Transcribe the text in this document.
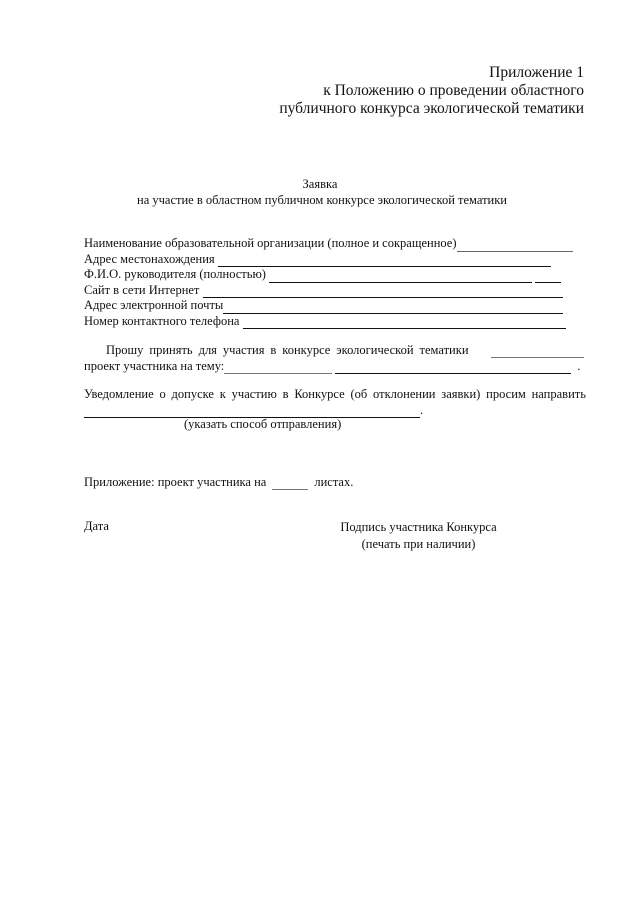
Приложение 1
к Положению о проведении областного
публичного конкурса экологической тематики
Заявка
на участие в областном публичном конкурсе экологической тематики
Наименование образовательной организации (полное и сокращенное)
Адрес местонахождения
Ф.И.О. руководителя (полностью)
Сайт в сети Интернет
Адрес электронной почты
Номер контактного телефона
Прошу принять для участия в конкурсе экологической тематики
проект участника на тему:	.
Уведомление о допуске к участию в Конкурсе (об отклонении заявки) просим направить
.
(указать способ отправления)
Приложение: проект участника на	листах.
Дата	Подпись участника Конкурса
(печать при наличии)
